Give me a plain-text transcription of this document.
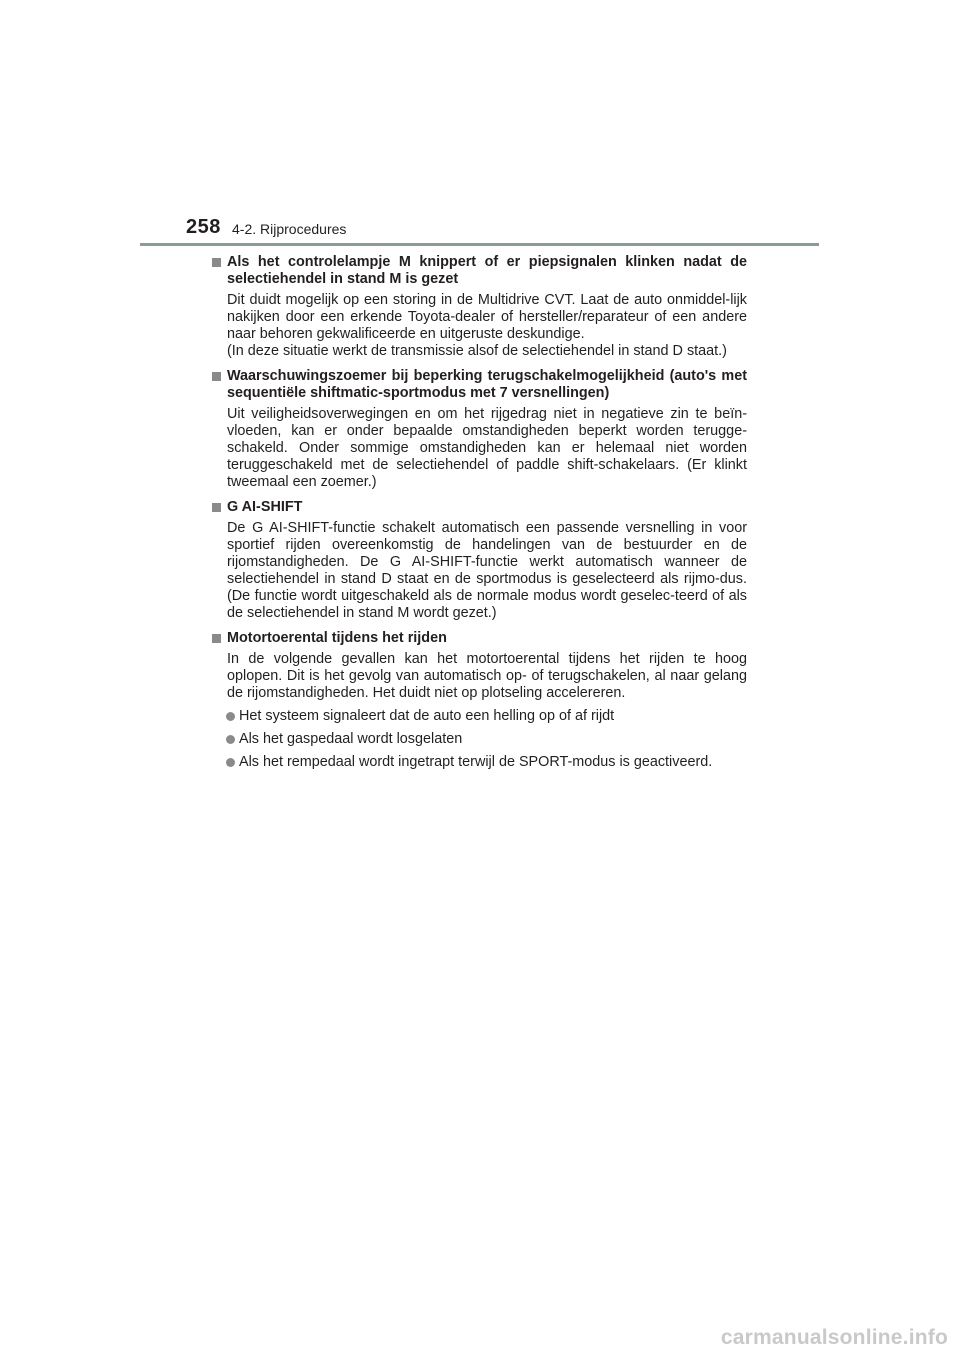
258 4-2. Rijprocedures
Als het controlelampje M knippert of er piepsignalen klinken nadat de selectiehendel in stand M is gezet

Dit duidt mogelijk op een storing in de Multidrive CVT. Laat de auto onmiddel-lijk nakijken door een erkende Toyota-dealer of hersteller/reparateur of een andere naar behoren gekwalificeerde en uitgeruste deskundige.

(In deze situatie werkt de transmissie alsof de selectiehendel in stand D staat.)

Waarschuwingszoemer bij beperking terugschakelmogelijkheid (auto's met sequentiële shiftmatic-sportmodus met 7 versnellingen)

Uit veiligheidsoverwegingen en om het rijgedrag niet in negatieve zin te beïn-vloeden, kan er onder bepaalde omstandigheden beperkt worden terugge-schakeld. Onder sommige omstandigheden kan er helemaal niet worden teruggeschakeld met de selectiehendel of paddle shift-schakelaars. (Er klinkt tweemaal een zoemer.)

G AI-SHIFT

De G AI-SHIFT-functie schakelt automatisch een passende versnelling in voor sportief rijden overeenkomstig de handelingen van de bestuurder en de rijomstandigheden. De G AI-SHIFT-functie werkt automatisch wanneer de selectiehendel in stand D staat en de sportmodus is geselecteerd als rijmo-dus. (De functie wordt uitgeschakeld als de normale modus wordt geselec-teerd of als de selectiehendel in stand M wordt gezet.)

Motortoerental tijdens het rijden

In de volgende gevallen kan het motortoerental tijdens het rijden te hoog oplopen. Dit is het gevolg van automatisch op- of terugschakelen, al naar gelang de rijomstandigheden. Het duidt niet op plotseling accelereren.

Het systeem signaleert dat de auto een helling op of af rijdt
Als het gaspedaal wordt losgelaten
Als het rempedaal wordt ingetrapt terwijl de SPORT-modus is geactiveerd.
carmanualsonline.info
